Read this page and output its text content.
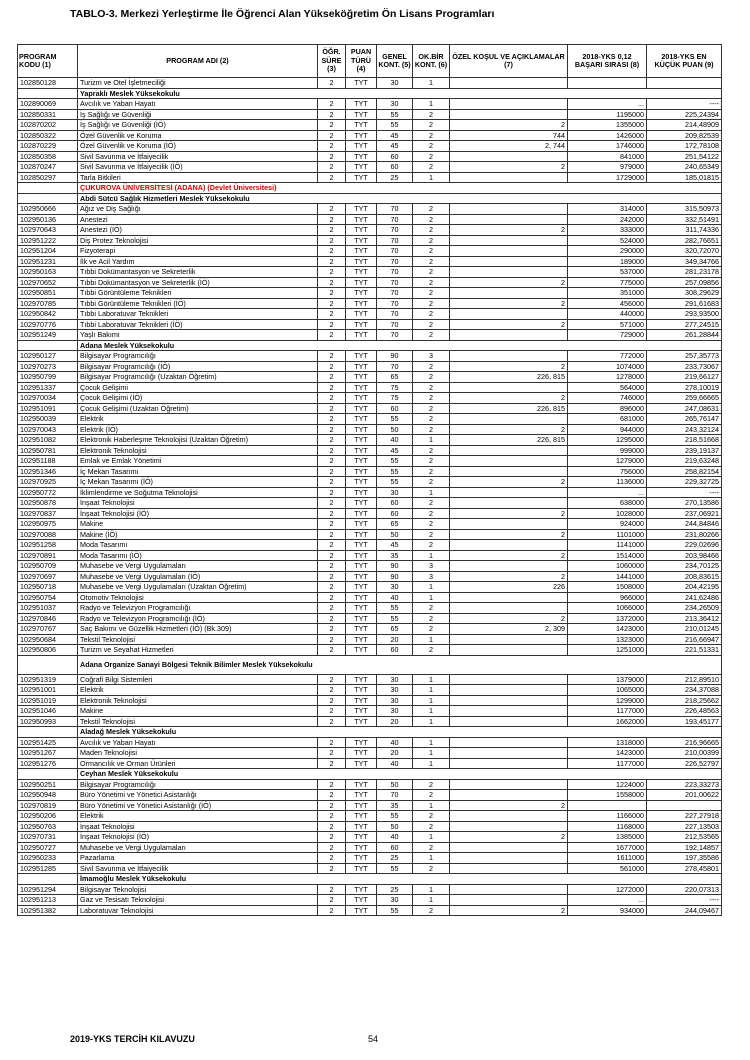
TABLO-3. Merkezi Yerleştirme İle Öğrenci Alan Yükseköğretim Ön Lisans Programları
PROGRAM KODU (1)	PROGRAM ADI (2)	ÖĞR. SÜRE (3)	PUAN TÜRÜ (4)	GENEL KONT. (5)	OK.BİR KONT. (6)	ÖZEL KOŞUL VE AÇIKLAMALAR (7)	2018-YKS 0,12 BAŞARI SIRASI (8)	2018-YKS EN KÜÇÜK PUAN (9)
102850128	Turizm ve Otel İşletmeciliği	2	TYT	30	1			
	Yapraklı Meslek Yüksekokulu							
102890069	Avcılık ve Yaban Hayatı	2	TYT	30	1		...	----
102850331	İş Sağlığı ve Güvenliği	2	TYT	55	2		1195000	225,24394
102870202	İş Sağlığı ve Güvenliği (İÖ)	2	TYT	55	2	2	1355000	214,48909
102850322	Özel Güvenlik ve Koruma	2	TYT	45	2	744	1426000	209,82539
102870229	Özel Güvenlik ve Koruma (İÖ)	2	TYT	45	2	2, 744	1746000	172,78108
102850358	Sivil Savunma ve İtfaiyecilik	2	TYT	60	2		841000	251,54122
102870247	Sivil Savunma ve İtfaiyecilik (İÖ)	2	TYT	60	2	2	979000	240,65349
102850297	Tarla Bitkileri	2	TYT	25	1		1729000	185,01815
	ÇUKUROVA ÜNİVERSİTESİ (ADANA) (Devlet Üniversitesi)							
	Abdi Sütcü Sağlık Hizmetleri Meslek Yüksekokulu							
102950666	Ağız ve Diş Sağlığı	2	TYT	70	2		314000	315,50973
102950136	Anestezi	2	TYT	70	2		242000	332,51491
102970643	Anestezi (İÖ)	2	TYT	70	2	2	333000	311,74336
102951222	Diş Protez Teknolojisi	2	TYT	70	2		524000	282,76651
102951204	Fizyoterapi	2	TYT	70	2		290000	320,72070
102951231	İlk ve Acil Yardım	2	TYT	70	2		189000	349,34766
102950163	Tıbbi Dokümantasyon ve Sekreterlik	2	TYT	70	2		537000	281,23178
102970652	Tıbbi Dokümantasyon ve Sekreterlik (İÖ)	2	TYT	70	2	2	775000	257,09856
102950851	Tıbbi Görüntüleme Teknikleri	2	TYT	70	2		351000	308,29629
102970785	Tıbbi Görüntüleme Teknikleri (İÖ)	2	TYT	70	2	2	456000	291,61683
102950842	Tıbbi Laboratuvar Teknikleri	2	TYT	70	2		440000	293,93500
102970776	Tıbbi Laboratuvar Teknikleri (İÖ)	2	TYT	70	2	2	571000	277,24515
102951249	Yaşlı Bakımı	2	TYT	70	2		729000	261,28844
	Adana Meslek Yüksekokulu							
102950127	Bilgisayar Programcılığı	2	TYT	90	3		772000	257,35773
102970273	Bilgisayar Programcılığı (İÖ)	2	TYT	70	2	2	1074000	233,73067
102950799	Bilgisayar Programcılığı (Uzaktan Öğretim)	2	TYT	65	2	226, 815	1278000	219,66127
102951337	Çocuk Gelişimi	2	TYT	75	2		564000	278,10019
102970034	Çocuk Gelişimi (İÖ)	2	TYT	75	2	2	746000	259,66665
102951091	Çocuk Gelişimi (Uzaktan Öğretim)	2	TYT	60	2	226, 815	896000	247,08631
102950039	Elektrik	2	TYT	55	2		681000	265,76147
102970043	Elektrik (İÖ)	2	TYT	50	2	2	944000	243,32124
102951082	Elektronik Haberleşme Teknolojisi (Uzaktan Öğretim)	2	TYT	40	1	226, 815	1295000	218,51668
102950781	Elektronik Teknolojisi	2	TYT	45	2		999000	239,19137
102951188	Emlak ve Emlak Yönetimi	2	TYT	55	2		1279000	219,63248
102951346	İç Mekan Tasarımı	2	TYT	55	2		756000	258,82154
102970925	İç Mekan Tasarımı (İÖ)	2	TYT	55	2	2	1136000	229,32725
102950772	İklimlendirme ve Soğutma Teknolojisi	2	TYT	30	1		...	----
102950878	İnşaat Teknolojisi	2	TYT	60	2		638000	270,13586
102970837	İnşaat Teknolojisi (İÖ)	2	TYT	60	2	2	1028000	237,06921
102950975	Makine	2	TYT	65	2		924000	244,84846
102970088	Makine (İÖ)	2	TYT	50	2	2	1101000	231,80266
102951258	Moda Tasarımı	2	TYT	45	2		1141000	229,02696
102970891	Moda Tasarımı (İÖ)	2	TYT	35	1	2	1514000	203,98466
102950709	Muhasebe ve Vergi Uygulamaları	2	TYT	90	3		1060000	234,70125
102970697	Muhasebe ve Vergi Uygulamaları (İÖ)	2	TYT	90	3	2	1441000	208,83615
102950718	Muhasebe ve Vergi Uygulamaları (Uzaktan Öğretim)	2	TYT	30	1	226	1508000	204,42195
102950754	Otomotiv Teknolojisi	2	TYT	40	1		966000	241,62486
102951037	Radyo ve Televizyon Programcılığı	2	TYT	55	2		1066000	234,26509
102970846	Radyo ve Televizyon Programcılığı (İÖ)	2	TYT	55	2	2	1372000	213,36412
102970767	Saç Bakımı ve Güzellik Hizmetleri (İÖ) (Bk.309)	2	TYT	65	2	2, 309	1423000	210,01245
102950684	Tekstil Teknolojisi	2	TYT	20	1		1323000	216,66947
102950806	Turizm ve Seyahat Hizmetleri	2	TYT	60	2		1251000	221,51331
	Adana Organize Sanayi Bölgesi Teknik Bilimler Meslek Yüksekokulu							
102951319	Coğrafi Bilgi Sistemleri	2	TYT	30	1		1379000	212,89510
102951001	Elektrik	2	TYT	30	1		1065000	234,37088
102951019	Elektronik Teknolojisi	2	TYT	30	1		1299000	218,25662
102951046	Makine	2	TYT	30	1		1177000	226,48563
102950993	Tekstil Teknolojisi	2	TYT	20	1		1662000	193,45177
	Aladağ Meslek Yüksekokulu							
102951425	Avcılık ve Yaban Hayatı	2	TYT	40	1		1318000	216,96665
102951267	Maden Teknolojisi	2	TYT	20	1		1423000	210,00399
102951276	Ormancılık ve Orman Ürünleri	2	TYT	40	1		1177000	226,52797
	Ceyhan Meslek Yüksekokulu							
102950251	Bilgisayar Programcılığı	2	TYT	50	2		1224000	223,33273
102950948	Büro Yönetimi ve Yönetici Asistanlığı	2	TYT	70	2		1558000	201,00622
102970819	Büro Yönetimi ve Yönetici Asistanlığı (İÖ)	2	TYT	35	1	2		
102950206	Elektrik	2	TYT	55	2		1166000	227,27918
102950763	İnşaat Teknolojisi	2	TYT	50	2		1168000	227,13503
102970731	İnşaat Teknolojisi (İÖ)	2	TYT	40	1	2	1385000	212,53565
102950727	Muhasebe ve Vergi Uygulamaları	2	TYT	60	2		1677000	192,14857
102950233	Pazarlama	2	TYT	25	1		1611000	197,35586
102951285	Sivil Savunma ve İtfaiyecilik	2	TYT	55	2		561000	278,45801
	İmamoğlu Meslek Yüksekokulu							
102951294	Bilgisayar Teknolojisi	2	TYT	25	1		1272000	220,07313
102951213	Gaz ve Tesisatı Teknolojisi	2	TYT	30	1		...	----
102951382	Laboratuvar Teknolojisi	2	TYT	55	2	2	934000	244,09467
2019-YKS TERCİH KILAVUZU	54
